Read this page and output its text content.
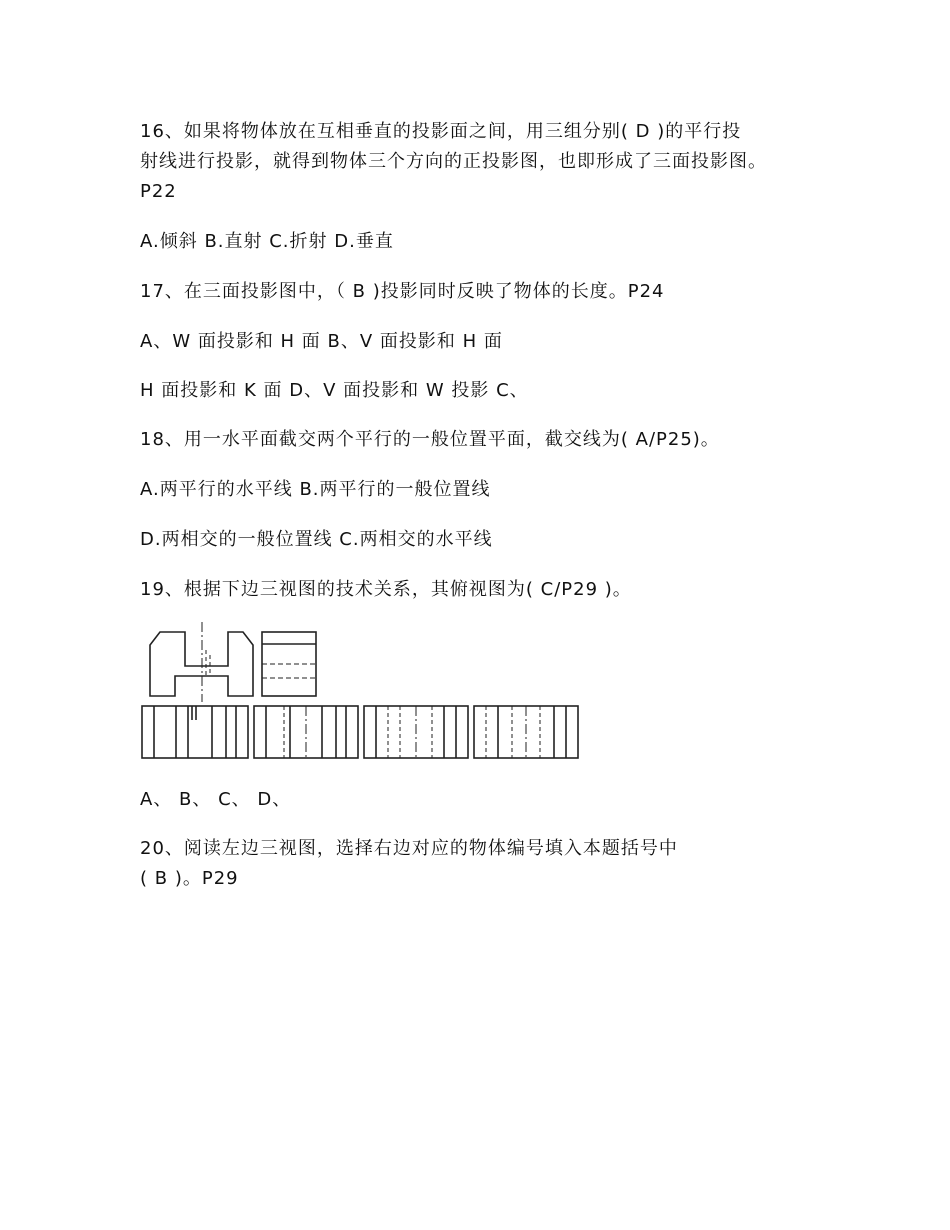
16、如果将物体放在互相垂直的投影面之间，用三组分别( D )的平行投
射线进行投影，就得到物体三个方向的正投影图，也即形成了三面投影图。
P22
A.倾斜 B.直射 C.折射 D.垂直
17、在三面投影图中，（ B )投影同时反映了物体的长度。P24
A、W 面投影和 H 面 B、V 面投影和 H 面
H 面投影和 K 面 D、V 面投影和 W 投影 C、
18、用一水平面截交两个平行的一般位置平面，截交线为( A/P25)。
A.两平行的水平线 B.两平行的一般位置线
D.两相交的一般位置线 C.两相交的水平线
19、根据下边三视图的技术关系，其俯视图为( C/P29 )。
A、 B、 C、 D、
20、阅读左边三视图，选择右边对应的物体编号填入本题括号中
( B )。P29
